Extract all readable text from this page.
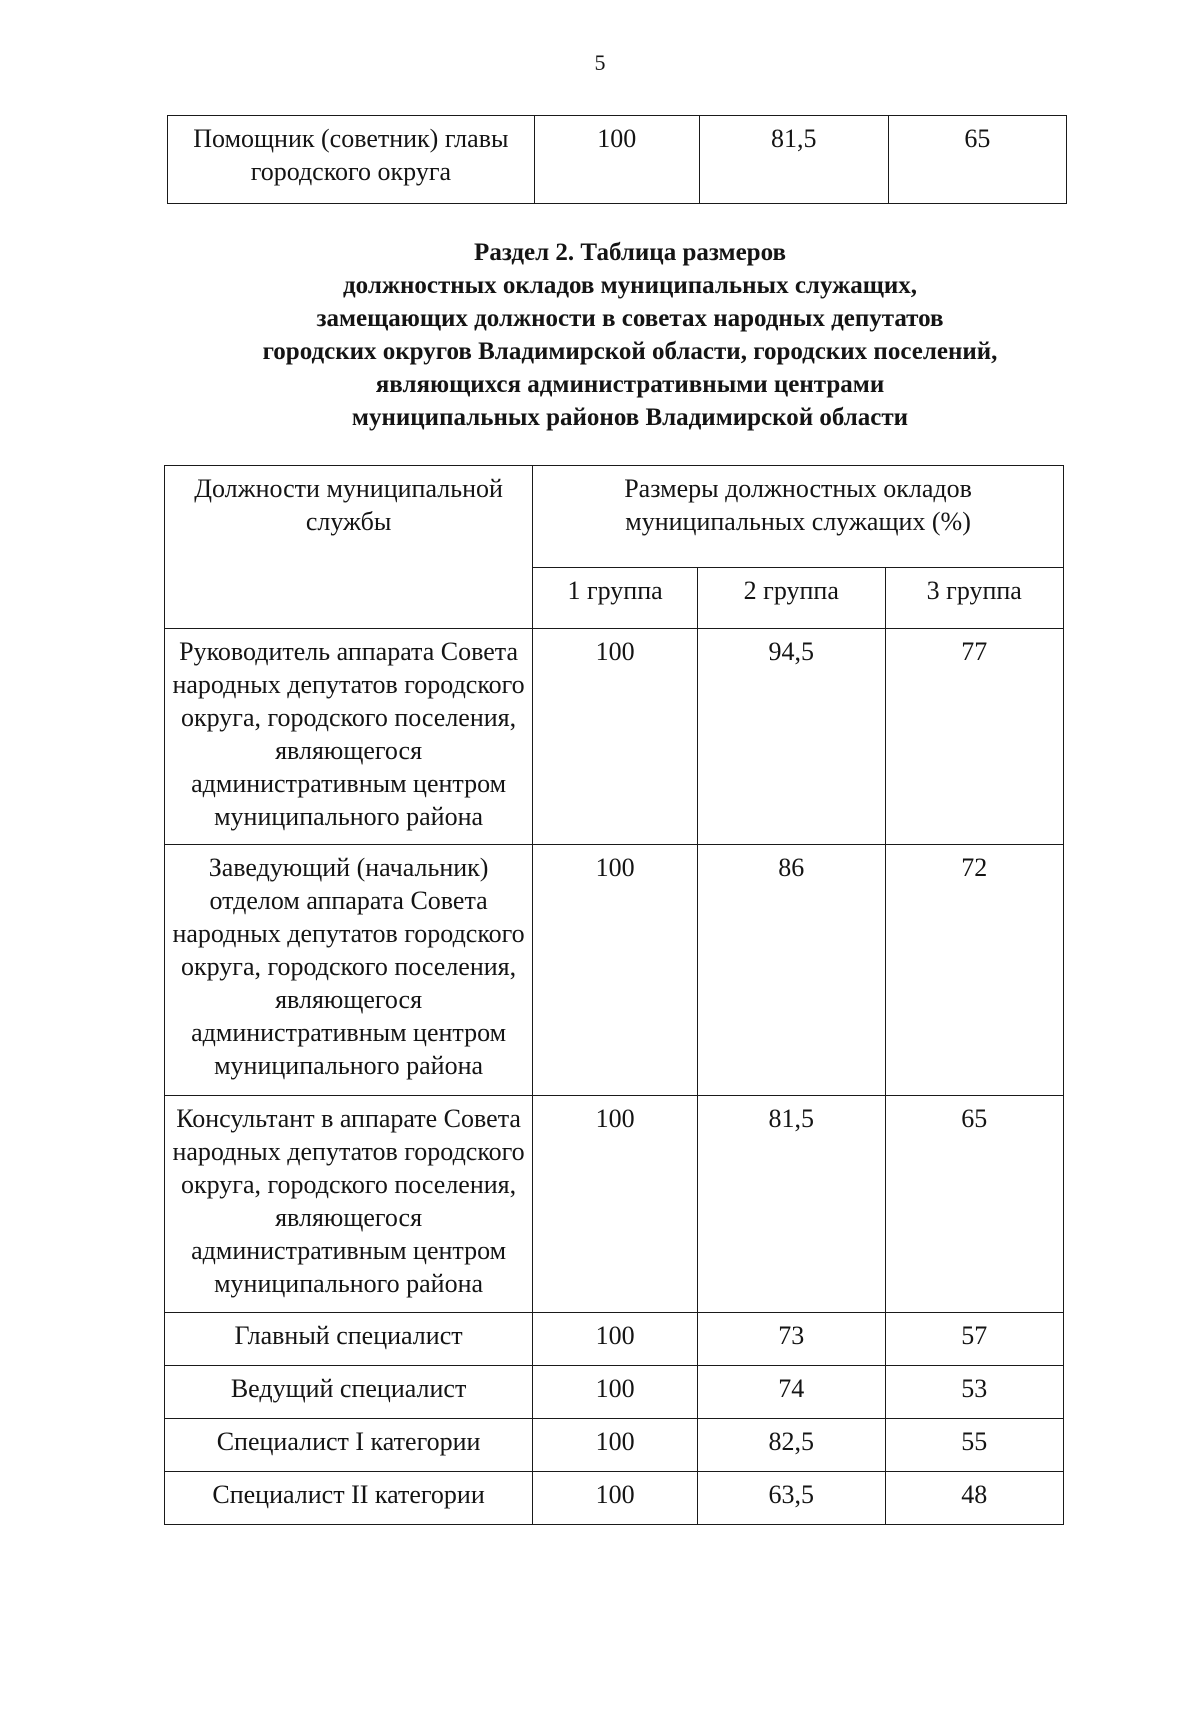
5
Помощник (советник) главы городского округа	100	81,5	65
Раздел 2. Таблица размеров
должностных окладов муниципальных служащих,
замещающих должности в советах народных депутатов
городских округов Владимирской области, городских поселений,
являющихся административными центрами
муниципальных районов Владимирской области
Должности муниципальной службы	Размеры должностных окладов муниципальных служащих (%)		
	1 группа	2 группа	3 группа
Руководитель аппарата Совета народных депутатов городского округа, городского поселения, являющегося административным центром муниципального района	100	94,5	77
Заведующий (начальник) отделом аппарата Совета народных депутатов городского округа, городского поселения, являющегося административным центром муниципального района	100	86	72
Консультант в аппарате Совета народных депутатов городского округа, городского поселения, являющегося административным центром муниципального района	100	81,5	65
Главный специалист	100	73	57
Ведущий специалист	100	74	53
Специалист I категории	100	82,5	55
Специалист II категории	100	63,5	48
